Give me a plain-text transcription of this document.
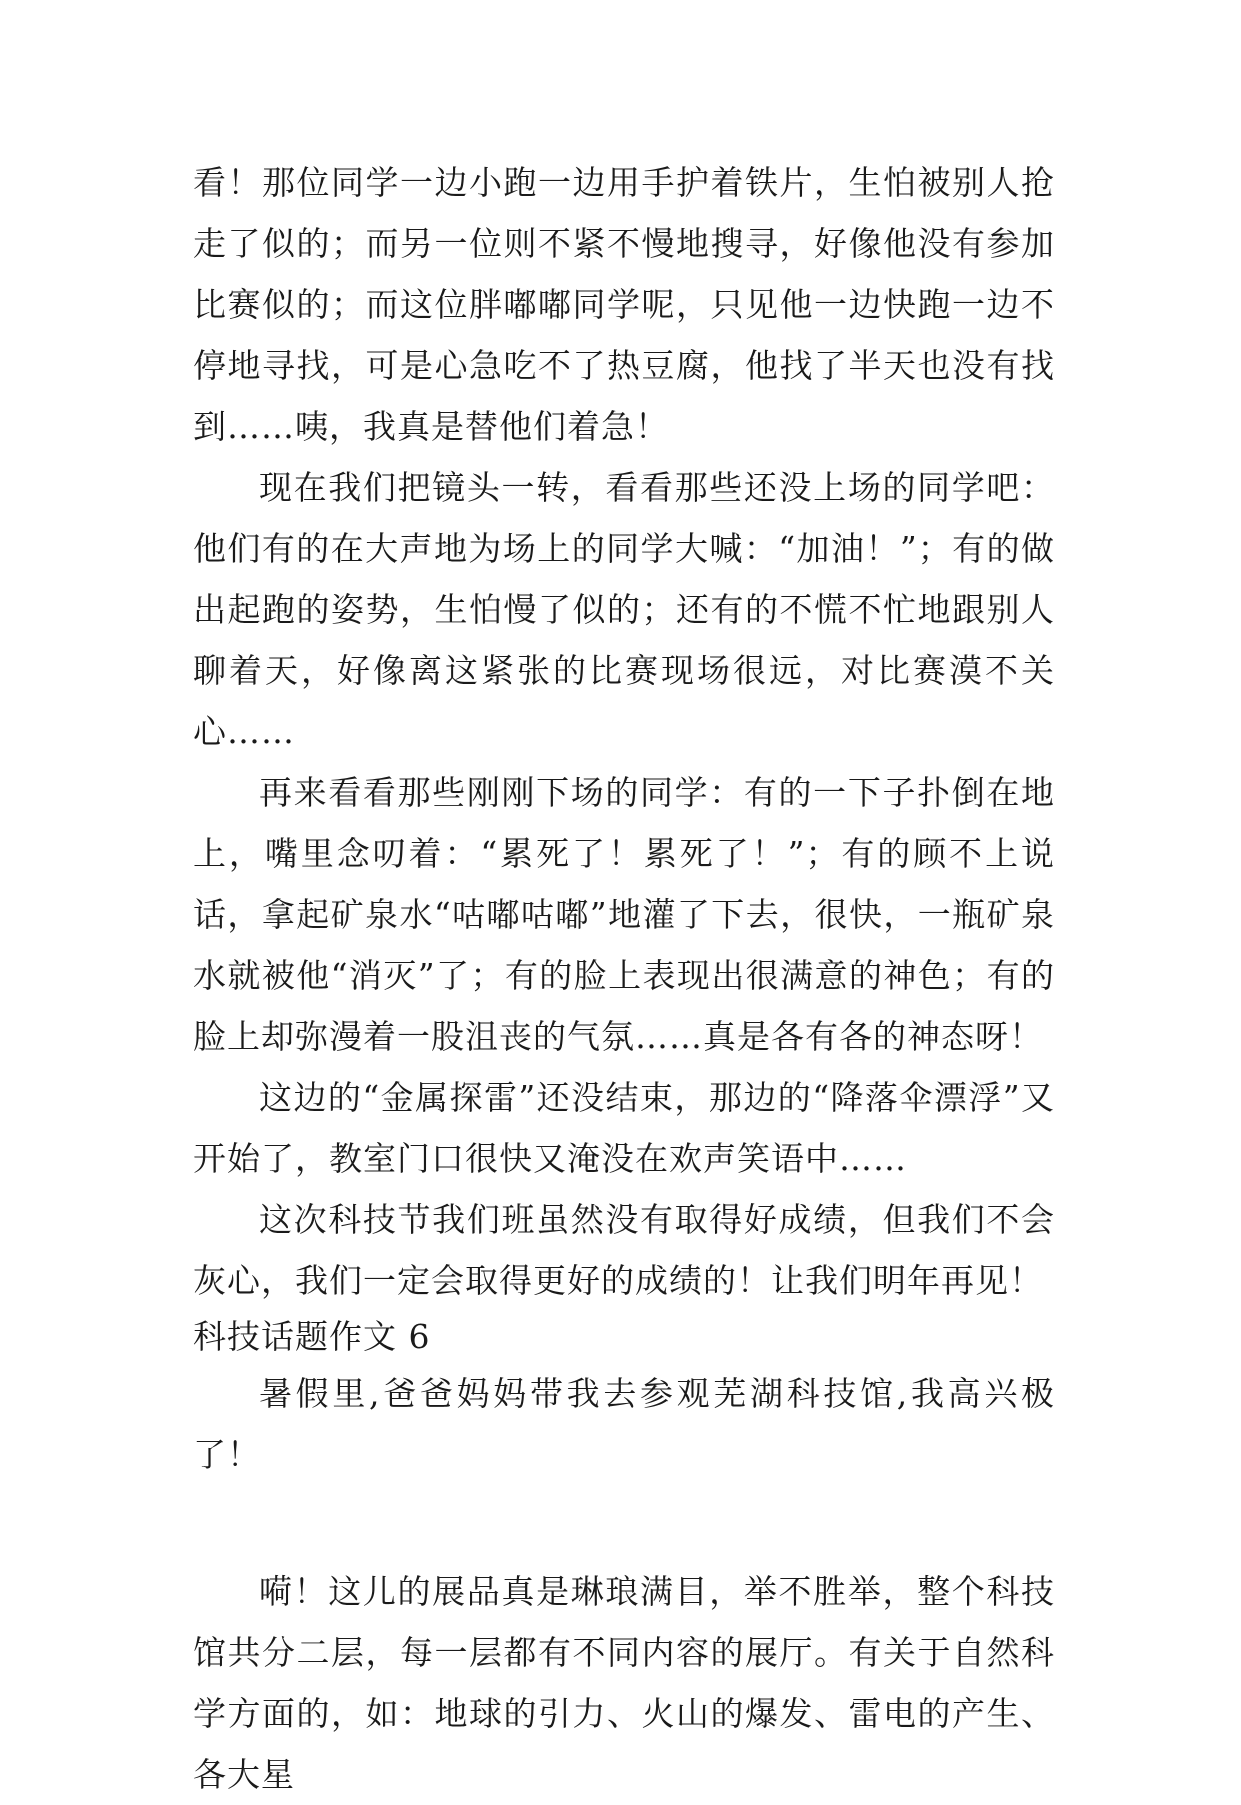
看！那位同学一边小跑一边用手护着铁片，生怕被别人抢走了似的；而另一位则不紧不慢地搜寻，好像他没有参加比赛似的；而这位胖嘟嘟同学呢，只见他一边快跑一边不停地寻找，可是心急吃不了热豆腐，他找了半天也没有找到……咦，我真是替他们着急！

现在我们把镜头一转，看看那些还没上场的同学吧：他们有的在大声地为场上的同学大喊：“加油！”；有的做出起跑的姿势，生怕慢了似的；还有的不慌不忙地跟别人聊着天，好像离这紧张的比赛现场很远，对比赛漠不关心……

再来看看那些刚刚下场的同学：有的一下子扑倒在地上，嘴里念叨着：“累死了！累死了！”；有的顾不上说话，拿起矿泉水“咕嘟咕嘟”地灌了下去，很快，一瓶矿泉水就被他“消灭”了；有的脸上表现出很满意的神色；有的脸上却弥漫着一股沮丧的气氛……真是各有各的神态呀！

这边的“金属探雷”还没结束，那边的“降落伞漂浮”又开始了，教室门口很快又淹没在欢声笑语中……

这次科技节我们班虽然没有取得好成绩，但我们不会灰心，我们一定会取得更好的成绩的！让我们明年再见！

科技话题作文 6

暑假里,爸爸妈妈带我去参观芜湖科技馆,我高兴极了！

嗬！这儿的展品真是琳琅满目，举不胜举，整个科技馆共分二层，每一层都有不同内容的展厅。有关于自然科学方面的，如：地球的引力、火山的爆发、雷电的产生、各大星
